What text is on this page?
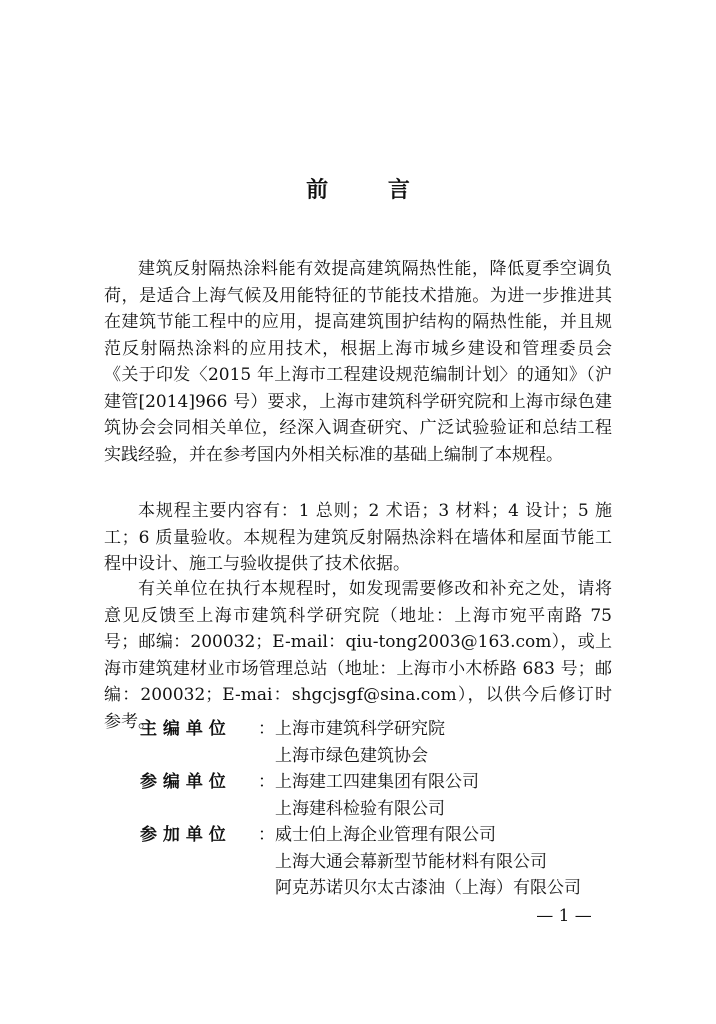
前 言

建筑反射隔热涂料能有效提高建筑隔热性能，降低夏季空调负荷，是适合上海气候及用能特征的节能技术措施。为进一步推进其在建筑节能工程中的应用，提高建筑围护结构的隔热性能，并且规范反射隔热涂料的应用技术，根据上海市城乡建设和管理委员会《关于印发〈2015 年上海市工程建设规范编制计划〉的通知》（沪建管[2014]966 号）要求，上海市建筑科学研究院和上海市绿色建筑协会会同相关单位，经深入调查研究、广泛试验验证和总结工程实践经验，并在参考国内外相关标准的基础上编制了本规程。

本规程主要内容有：1 总则；2 术语；3 材料；4 设计；5 施工；6 质量验收。本规程为建筑反射隔热涂料在墙体和屋面节能工程中设计、施工与验收提供了技术依据。

有关单位在执行本规程时，如发现需要修改和补充之处，请将意见反馈至上海市建筑科学研究院（地址：上海市宛平南路 75 号；邮编：200032；E-mail：qiu-tong2003@163.com），或上海市建筑建材业市场管理总站（地址：上海市小木桥路 683 号；邮编：200032；E-mai：shgcjsgf@sina.com），以供今后修订时参考。

主 编 单 位	： 上海市建筑科学研究院
上海市绿色建筑协会
参 编 单 位	： 上海建工四建集团有限公司
上海建科检验有限公司
参 加 单 位	： 威士伯上海企业管理有限公司
上海大通会幕新型节能材料有限公司
阿克苏诺贝尔太古漆油（上海）有限公司
— 1 —
